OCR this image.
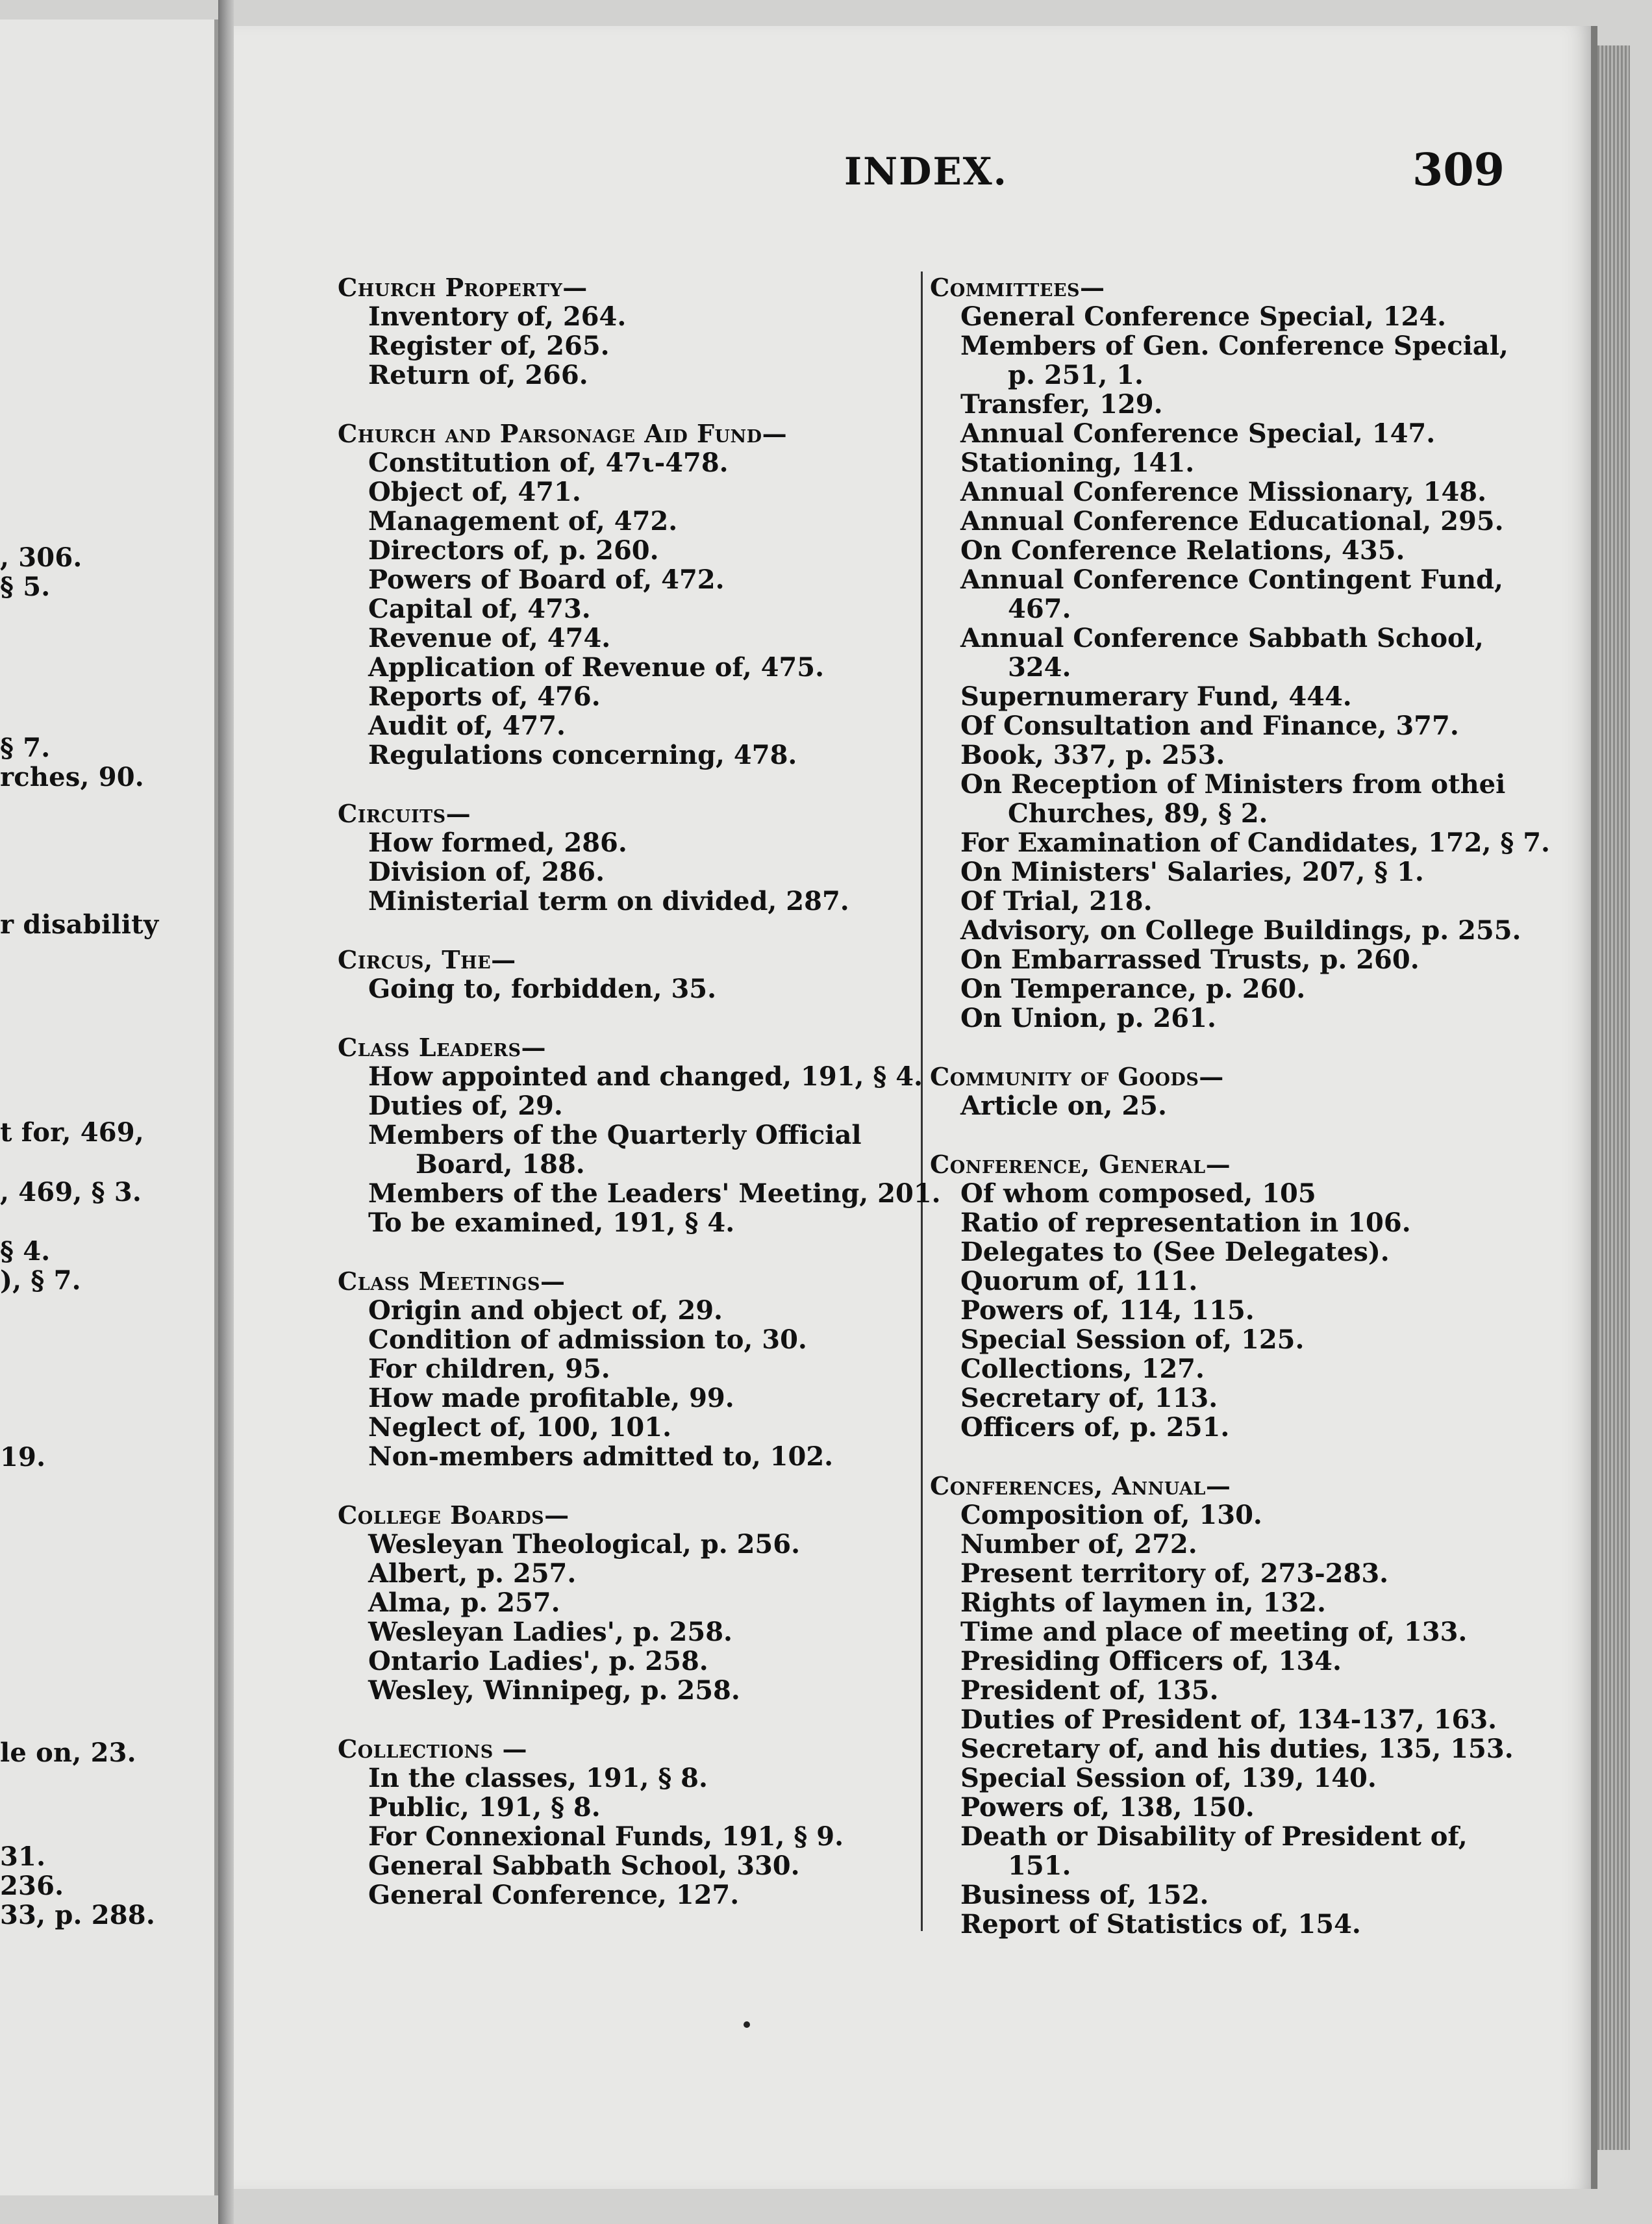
, 306.
§ 5.
§ 7.
rches, 90.
r disability
t for, 469,
, 469, § 3.
§ 4.
), § 7.
19.
le on, 23.
31.
236.
33, p. 288.
INDEX.	309
Church Property—
Inventory of, 264.
Register of, 265.
Return of, 266.
Church and Parsonage Aid Fund—
Constitution of, 47ι-478.
Object of, 471.
Management of, 472.
Directors of, p. 260.
Powers of Board of, 472.
Capital of, 473.
Revenue of, 474.
Application of Revenue of, 475.
Reports of, 476.
Audit of, 477.
Regulations concerning, 478.
Circuits—
How formed, 286.
Division of, 286.
Ministerial term on divided, 287.
Circus, The—
Going to, forbidden, 35.
Class Leaders—
How appointed and changed, 191, § 4.
Duties of, 29.
Members of the Quarterly Official
Board, 188.
Members of the Leaders' Meeting, 201.
To be examined, 191, § 4.
Class Meetings—
Origin and object of, 29.
Condition of admission to, 30.
For children, 95.
How made profitable, 99.
Neglect of, 100, 101.
Non-members admitted to, 102.
College Boards—
Wesleyan Theological, p. 256.
Albert, p. 257.
Alma, p. 257.
Wesleyan Ladies', p. 258.
Ontario Ladies', p. 258.
Wesley, Winnipeg, p. 258.
Collections —
In the classes, 191, § 8.
Public, 191, § 8.
For Connexional Funds, 191, § 9.
General Sabbath School, 330.
General Conference, 127.
Committees—
General Conference Special, 124.
Members of Gen. Conference Special,
p. 251, 1.
Transfer, 129.
Annual Conference Special, 147.
Stationing, 141.
Annual Conference Missionary, 148.
Annual Conference Educational, 295.
On Conference Relations, 435.
Annual Conference Contingent Fund,
467.
Annual Conference Sabbath School,
324.
Supernumerary Fund, 444.
Of Consultation and Finance, 377.
Book, 337, p. 253.
On Reception of Ministers from othei
Churches, 89, § 2.
For Examination of Candidates, 172, § 7.
On Ministers' Salaries, 207, § 1.
Of Trial, 218.
Advisory, on College Buildings, p. 255.
On Embarrassed Trusts, p. 260.
On Temperance, p. 260.
On Union, p. 261.
Community of Goods—
Article on, 25.
Conference, General—
Of whom composed, 105
Ratio of representation in 106.
Delegates to (See Delegates).
Quorum of, 111.
Powers of, 114, 115.
Special Session of, 125.
Collections, 127.
Secretary of, 113.
Officers of, p. 251.
Conferences, Annual—
Composition of, 130.
Number of, 272.
Present territory of, 273-283.
Rights of laymen in, 132.
Time and place of meeting of, 133.
Presiding Officers of, 134.
President of, 135.
Duties of President of, 134-137, 163.
Secretary of, and his duties, 135, 153.
Special Session of, 139, 140.
Powers of, 138, 150.
Death or Disability of President of,
151.
Business of, 152.
Report of Statistics of, 154.
